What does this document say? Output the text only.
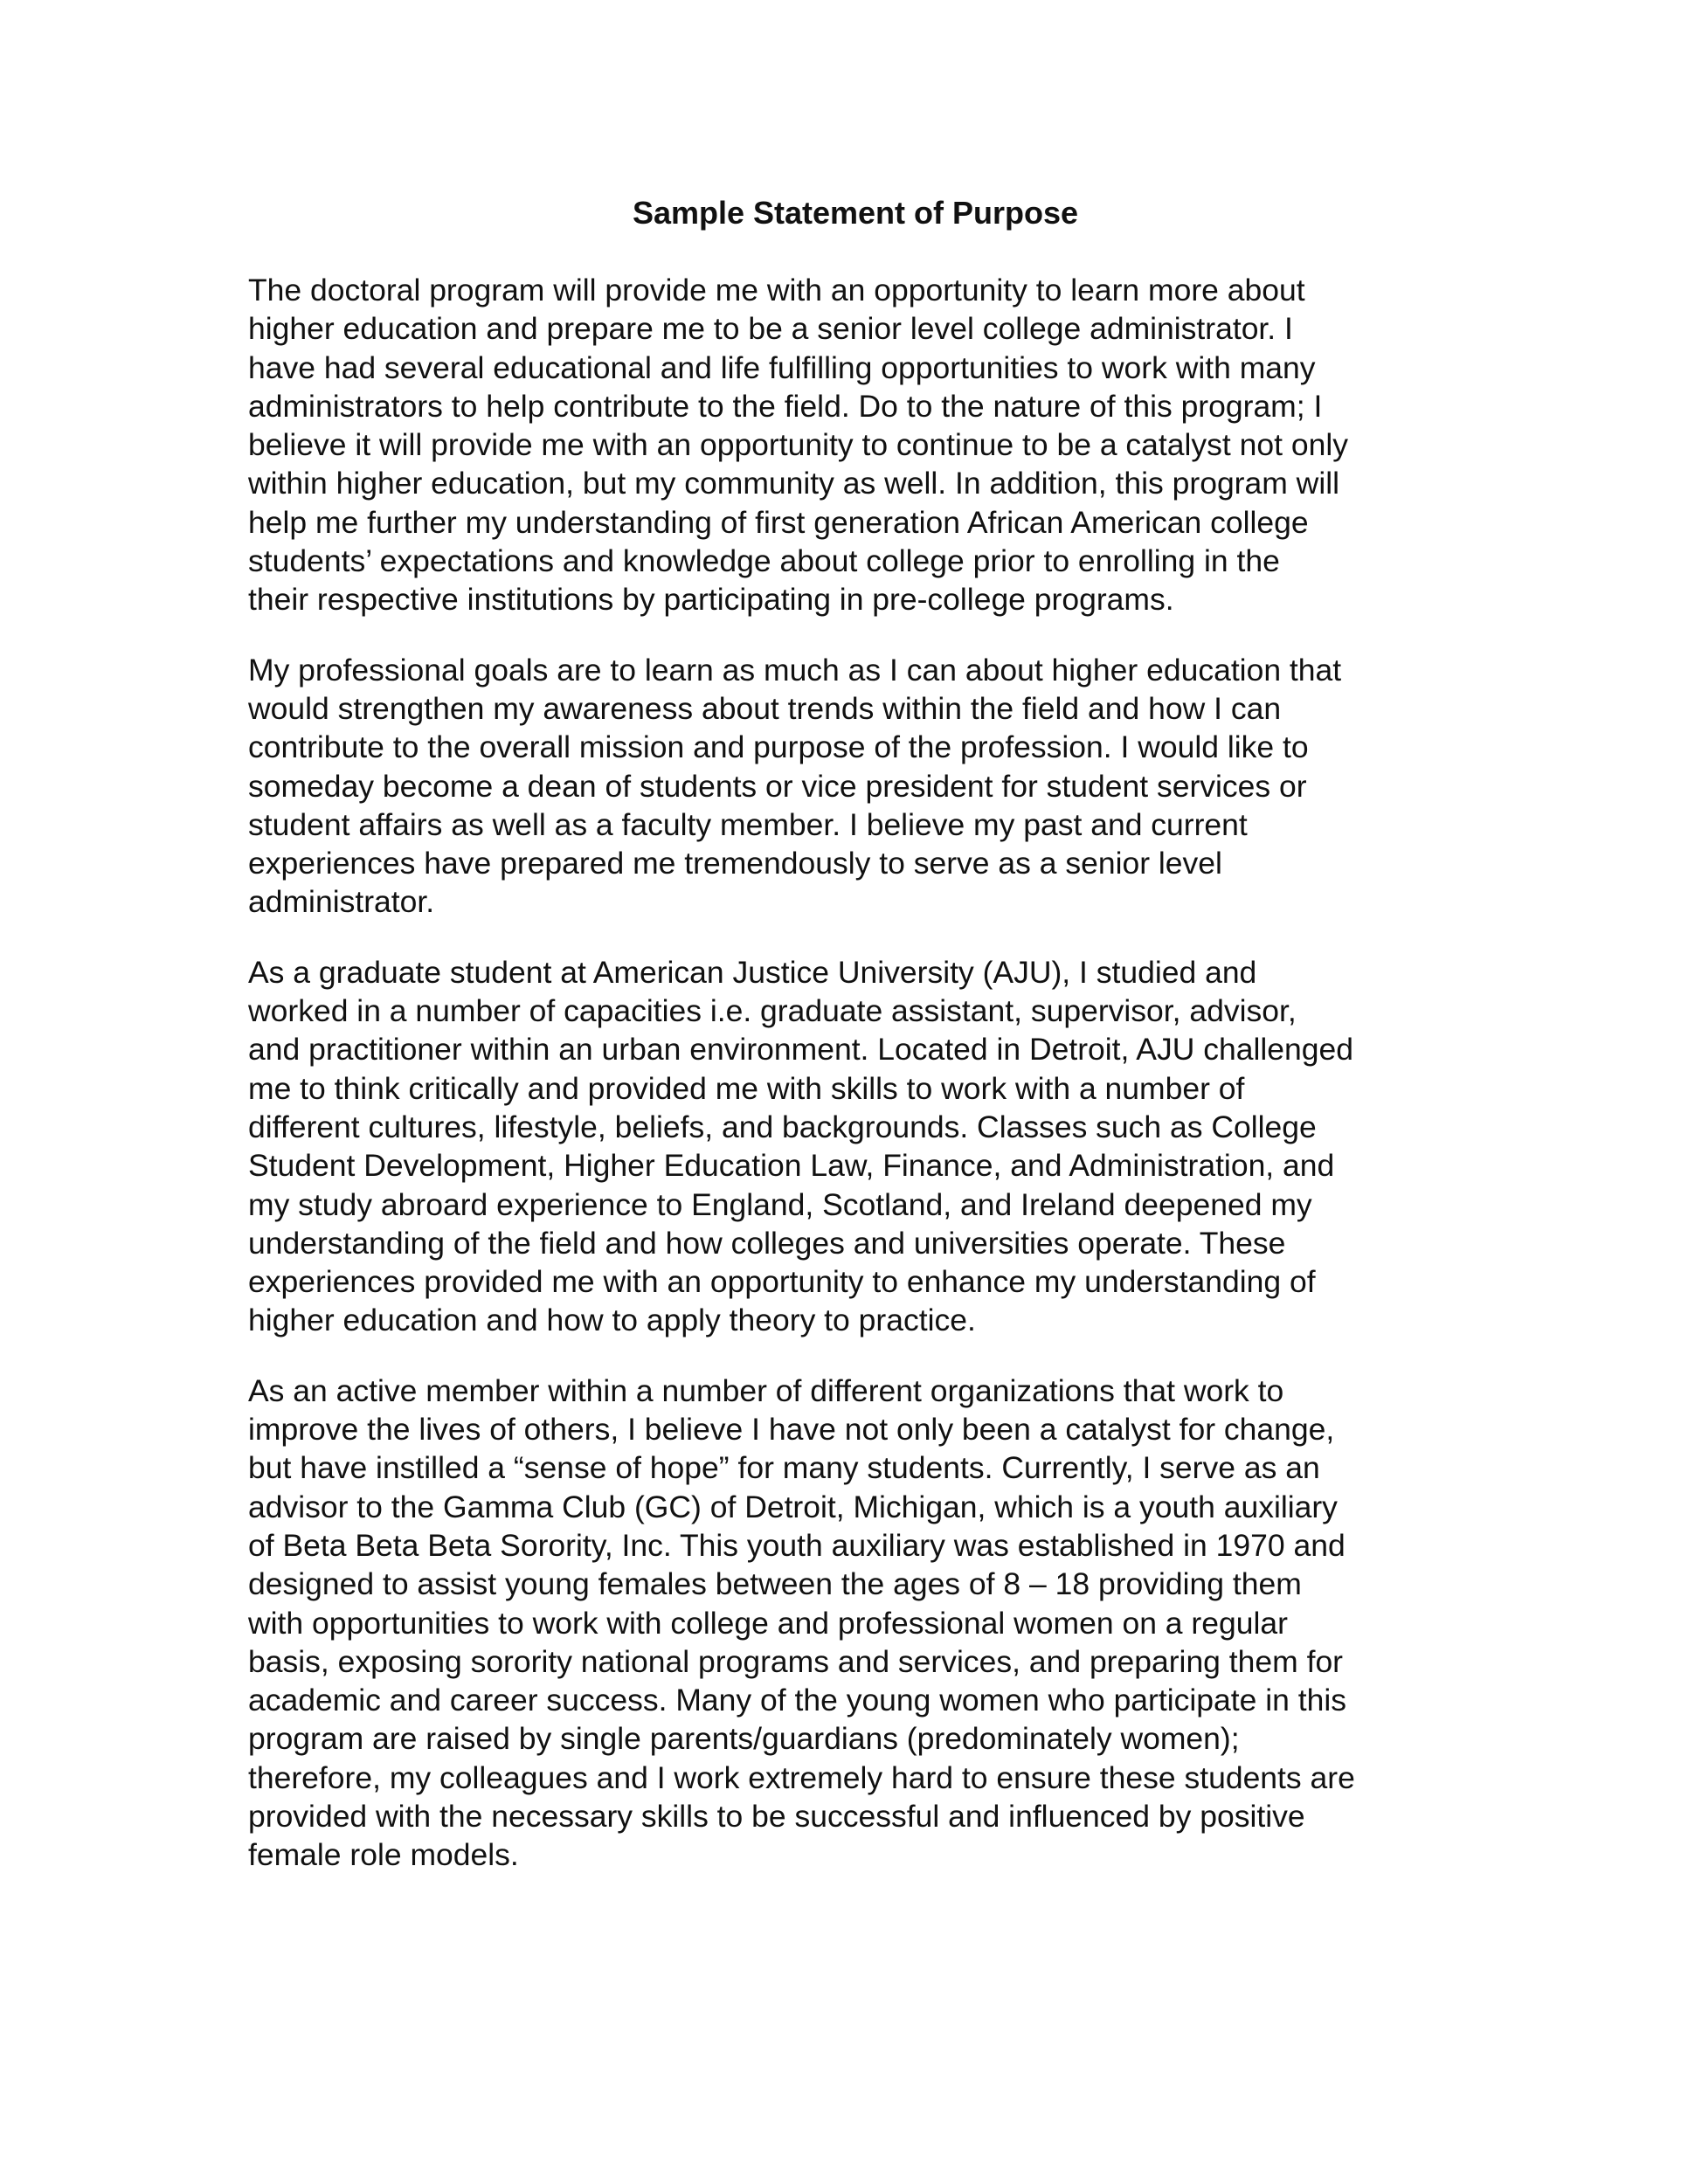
Sample Statement of Purpose

The doctoral program will provide me with an opportunity to learn more about
higher education and prepare me to be a senior level college administrator. I
have had several educational and life fulfilling opportunities to work with many
administrators to help contribute to the field. Do to the nature of this program; I
believe it will provide me with an opportunity to continue to be a catalyst not only
within higher education, but my community as well. In addition, this program will
help me further my understanding of first generation African American college
students’ expectations and knowledge about college prior to enrolling in the
their respective institutions by participating in pre-college programs.

My professional goals are to learn as much as I can about higher education that
would strengthen my awareness about trends within the field and how I can
contribute to the overall mission and purpose of the profession. I would like to
someday become a dean of students or vice president for student services or
student affairs as well as a faculty member. I believe my past and current
experiences have prepared me tremendously to serve as a senior level
administrator.

As a graduate student at American Justice University (AJU), I studied and
worked in a number of capacities i.e. graduate assistant, supervisor, advisor,
and practitioner within an urban environment. Located in Detroit, AJU challenged
me to think critically and provided me with skills to work with a number of
different cultures, lifestyle, beliefs, and backgrounds. Classes such as College
Student Development, Higher Education Law, Finance, and Administration, and
my study abroard experience to England, Scotland, and Ireland deepened my
understanding of the field and how colleges and universities operate. These
experiences provided me with an opportunity to enhance my understanding of
higher education and how to apply theory to practice.

As an active member within a number of different organizations that work to
improve the lives of others, I believe I have not only been a catalyst for change,
but have instilled a “sense of hope” for many students. Currently, I serve as an
advisor to the Gamma Club (GC) of Detroit, Michigan, which is a youth auxiliary
of Beta Beta Beta Sorority, Inc. This youth auxiliary was established in 1970 and
designed to assist young females between the ages of 8 – 18 providing them
with opportunities to work with college and professional women on a regular
basis, exposing sorority national programs and services, and preparing them for
academic and career success. Many of the young women who participate in this
program are raised by single parents/guardians (predominately women);
therefore, my colleagues and I work extremely hard to ensure these students are
provided with the necessary skills to be successful and influenced by positive
female role models.
